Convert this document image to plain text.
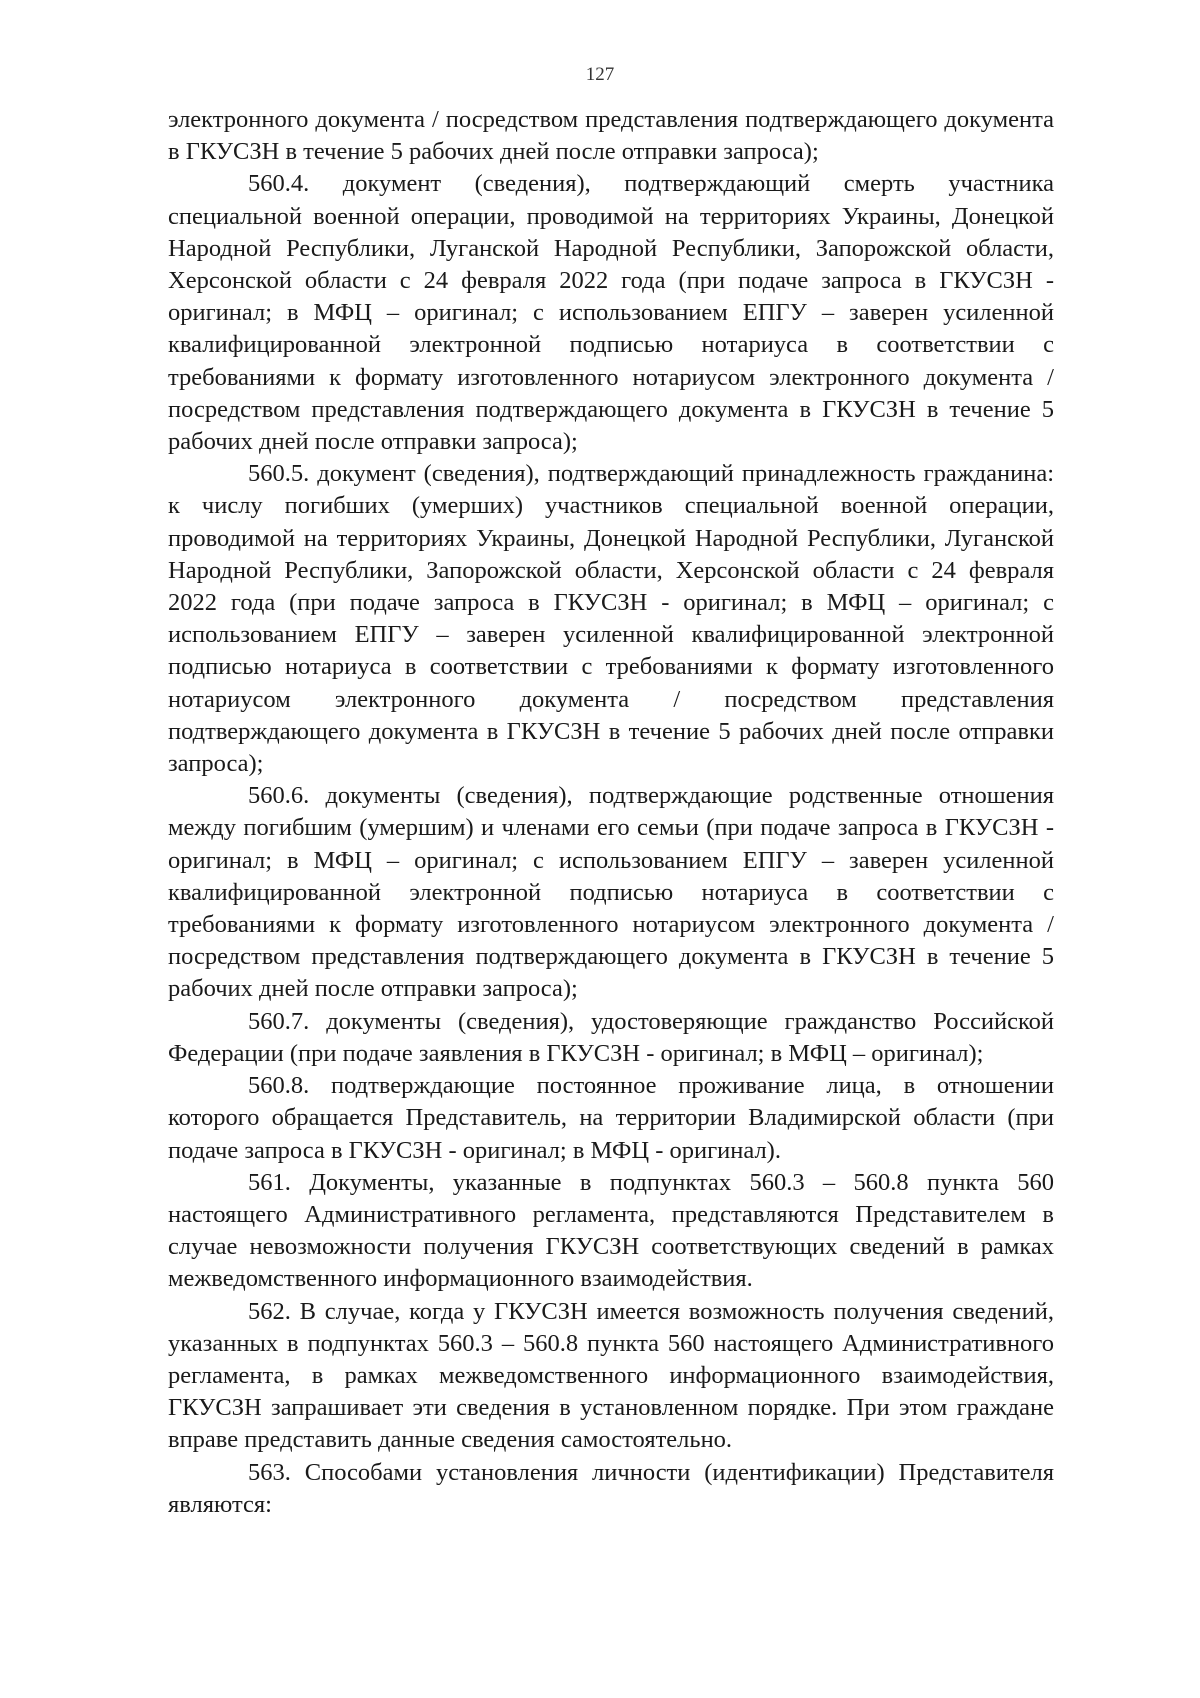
127

электронного документа / посредством представления подтверждающего документа в ГКУСЗН в течение 5 рабочих дней после отправки запроса);

560.4. документ (сведения), подтверждающий смерть участника специальной военной операции, проводимой на территориях Украины, Донецкой Народной Республики, Луганской Народной Республики, Запорожской области, Херсонской области с 24 февраля 2022 года (при подаче запроса в ГКУСЗН - оригинал; в МФЦ – оригинал; с использованием ЕПГУ – заверен усиленной квалифицированной электронной подписью нотариуса в соответствии с требованиями к формату изготовленного нотариусом электронного документа / посредством представления подтверждающего документа в ГКУСЗН в течение 5 рабочих дней после отправки запроса);

560.5. документ (сведения), подтверждающий принадлежность гражданина: к числу погибших (умерших) участников специальной военной операции, проводимой на территориях Украины, Донецкой Народной Республики, Луганской Народной Республики, Запорожской области, Херсонской области с 24 февраля 2022 года (при подаче запроса в ГКУСЗН - оригинал; в МФЦ – оригинал; с использованием ЕПГУ – заверен усиленной квалифицированной электронной подписью нотариуса в соответствии с требованиями к формату изготовленного нотариусом электронного документа / посредством представления подтверждающего документа в ГКУСЗН в течение 5 рабочих дней после отправки запроса);

560.6. документы (сведения), подтверждающие родственные отношения между погибшим (умершим) и членами его семьи (при подаче запроса в ГКУСЗН - оригинал; в МФЦ – оригинал; с использованием ЕПГУ – заверен усиленной квалифицированной электронной подписью нотариуса в соответствии с требованиями к формату изготовленного нотариусом электронного документа / посредством представления подтверждающего документа в ГКУСЗН в течение 5 рабочих дней после отправки запроса);

560.7. документы (сведения), удостоверяющие гражданство Российской Федерации (при подаче заявления в ГКУСЗН - оригинал; в МФЦ – оригинал);

560.8. подтверждающие постоянное проживание лица, в отношении которого обращается Представитель, на территории Владимирской области (при подаче запроса в ГКУСЗН - оригинал; в МФЦ - оригинал).

561. Документы, указанные в подпунктах 560.3 – 560.8 пункта 560 настоящего Административного регламента, представляются Представителем в случае невозможности получения ГКУСЗН соответствующих сведений в рамках межведомственного информационного взаимодействия.

562. В случае, когда у ГКУСЗН имеется возможность получения сведений, указанных в подпунктах 560.3 – 560.8 пункта 560 настоящего Административного регламента, в рамках межведомственного информационного взаимодействия, ГКУСЗН запрашивает эти сведения в установленном порядке. При этом граждане вправе представить данные сведения самостоятельно.

563. Способами установления личности (идентификации) Представителя являются:
